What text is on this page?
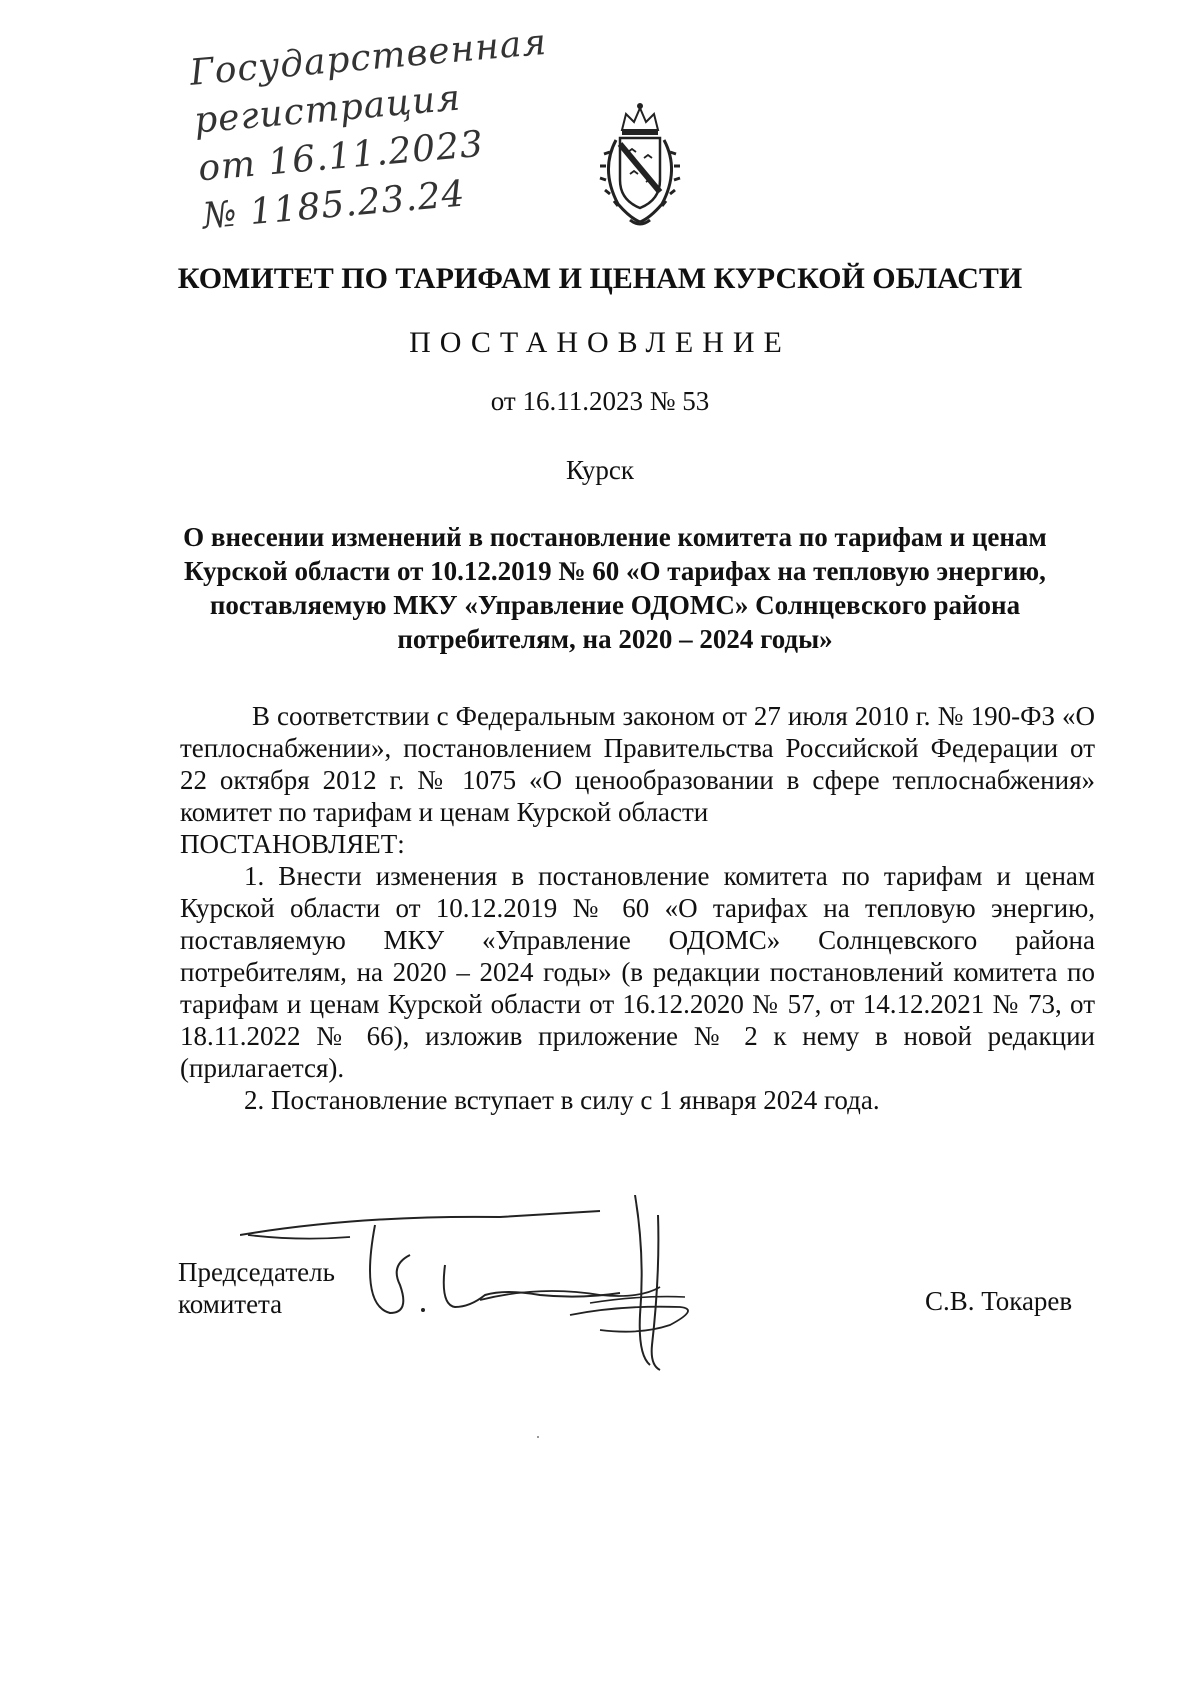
Государственная
регистрация
от 16.11.2023
№ 1185.23.24
КОМИТЕТ ПО ТАРИФАМ И ЦЕНАМ КУРСКОЙ ОБЛАСТИ
ПОСТАНОВЛЕНИЕ
от 16.11.2023 № 53
Курск
О внесении изменений в постановление комитета по тарифам и ценам
Курской области от 10.12.2019 № 60 «О тарифах на тепловую энергию,
поставляемую МКУ «Управление ОДОМС» Солнцевского района
потребителям, на 2020 – 2024 годы»

В соответствии с Федеральным законом от 27 июля 2010 г. № 190-ФЗ «О теплоснабжении», постановлением Правительства Российской Федерации от 22 октября 2012 г. № 1075 «О ценообразовании в сфере теплоснабжения» комитет по тарифам и ценам Курской области

ПОСТАНОВЛЯЕТ:

1. Внести изменения в постановление комитета по тарифам и ценам Курской области от 10.12.2019 № 60 «О тарифах на тепловую энергию, поставляемую МКУ «Управление ОДОМС» Солнцевского района потребителям, на 2020 – 2024 годы» (в редакции постановлений комитета по тарифам и ценам Курской области от 16.12.2020 № 57, от 14.12.2021 № 73, от 18.11.2022 № 66), изложив приложение № 2 к нему в новой редакции (прилагается).

2. Постановление вступает в силу с 1 января 2024 года.

Председатель
комитета	С.В. Токарев
